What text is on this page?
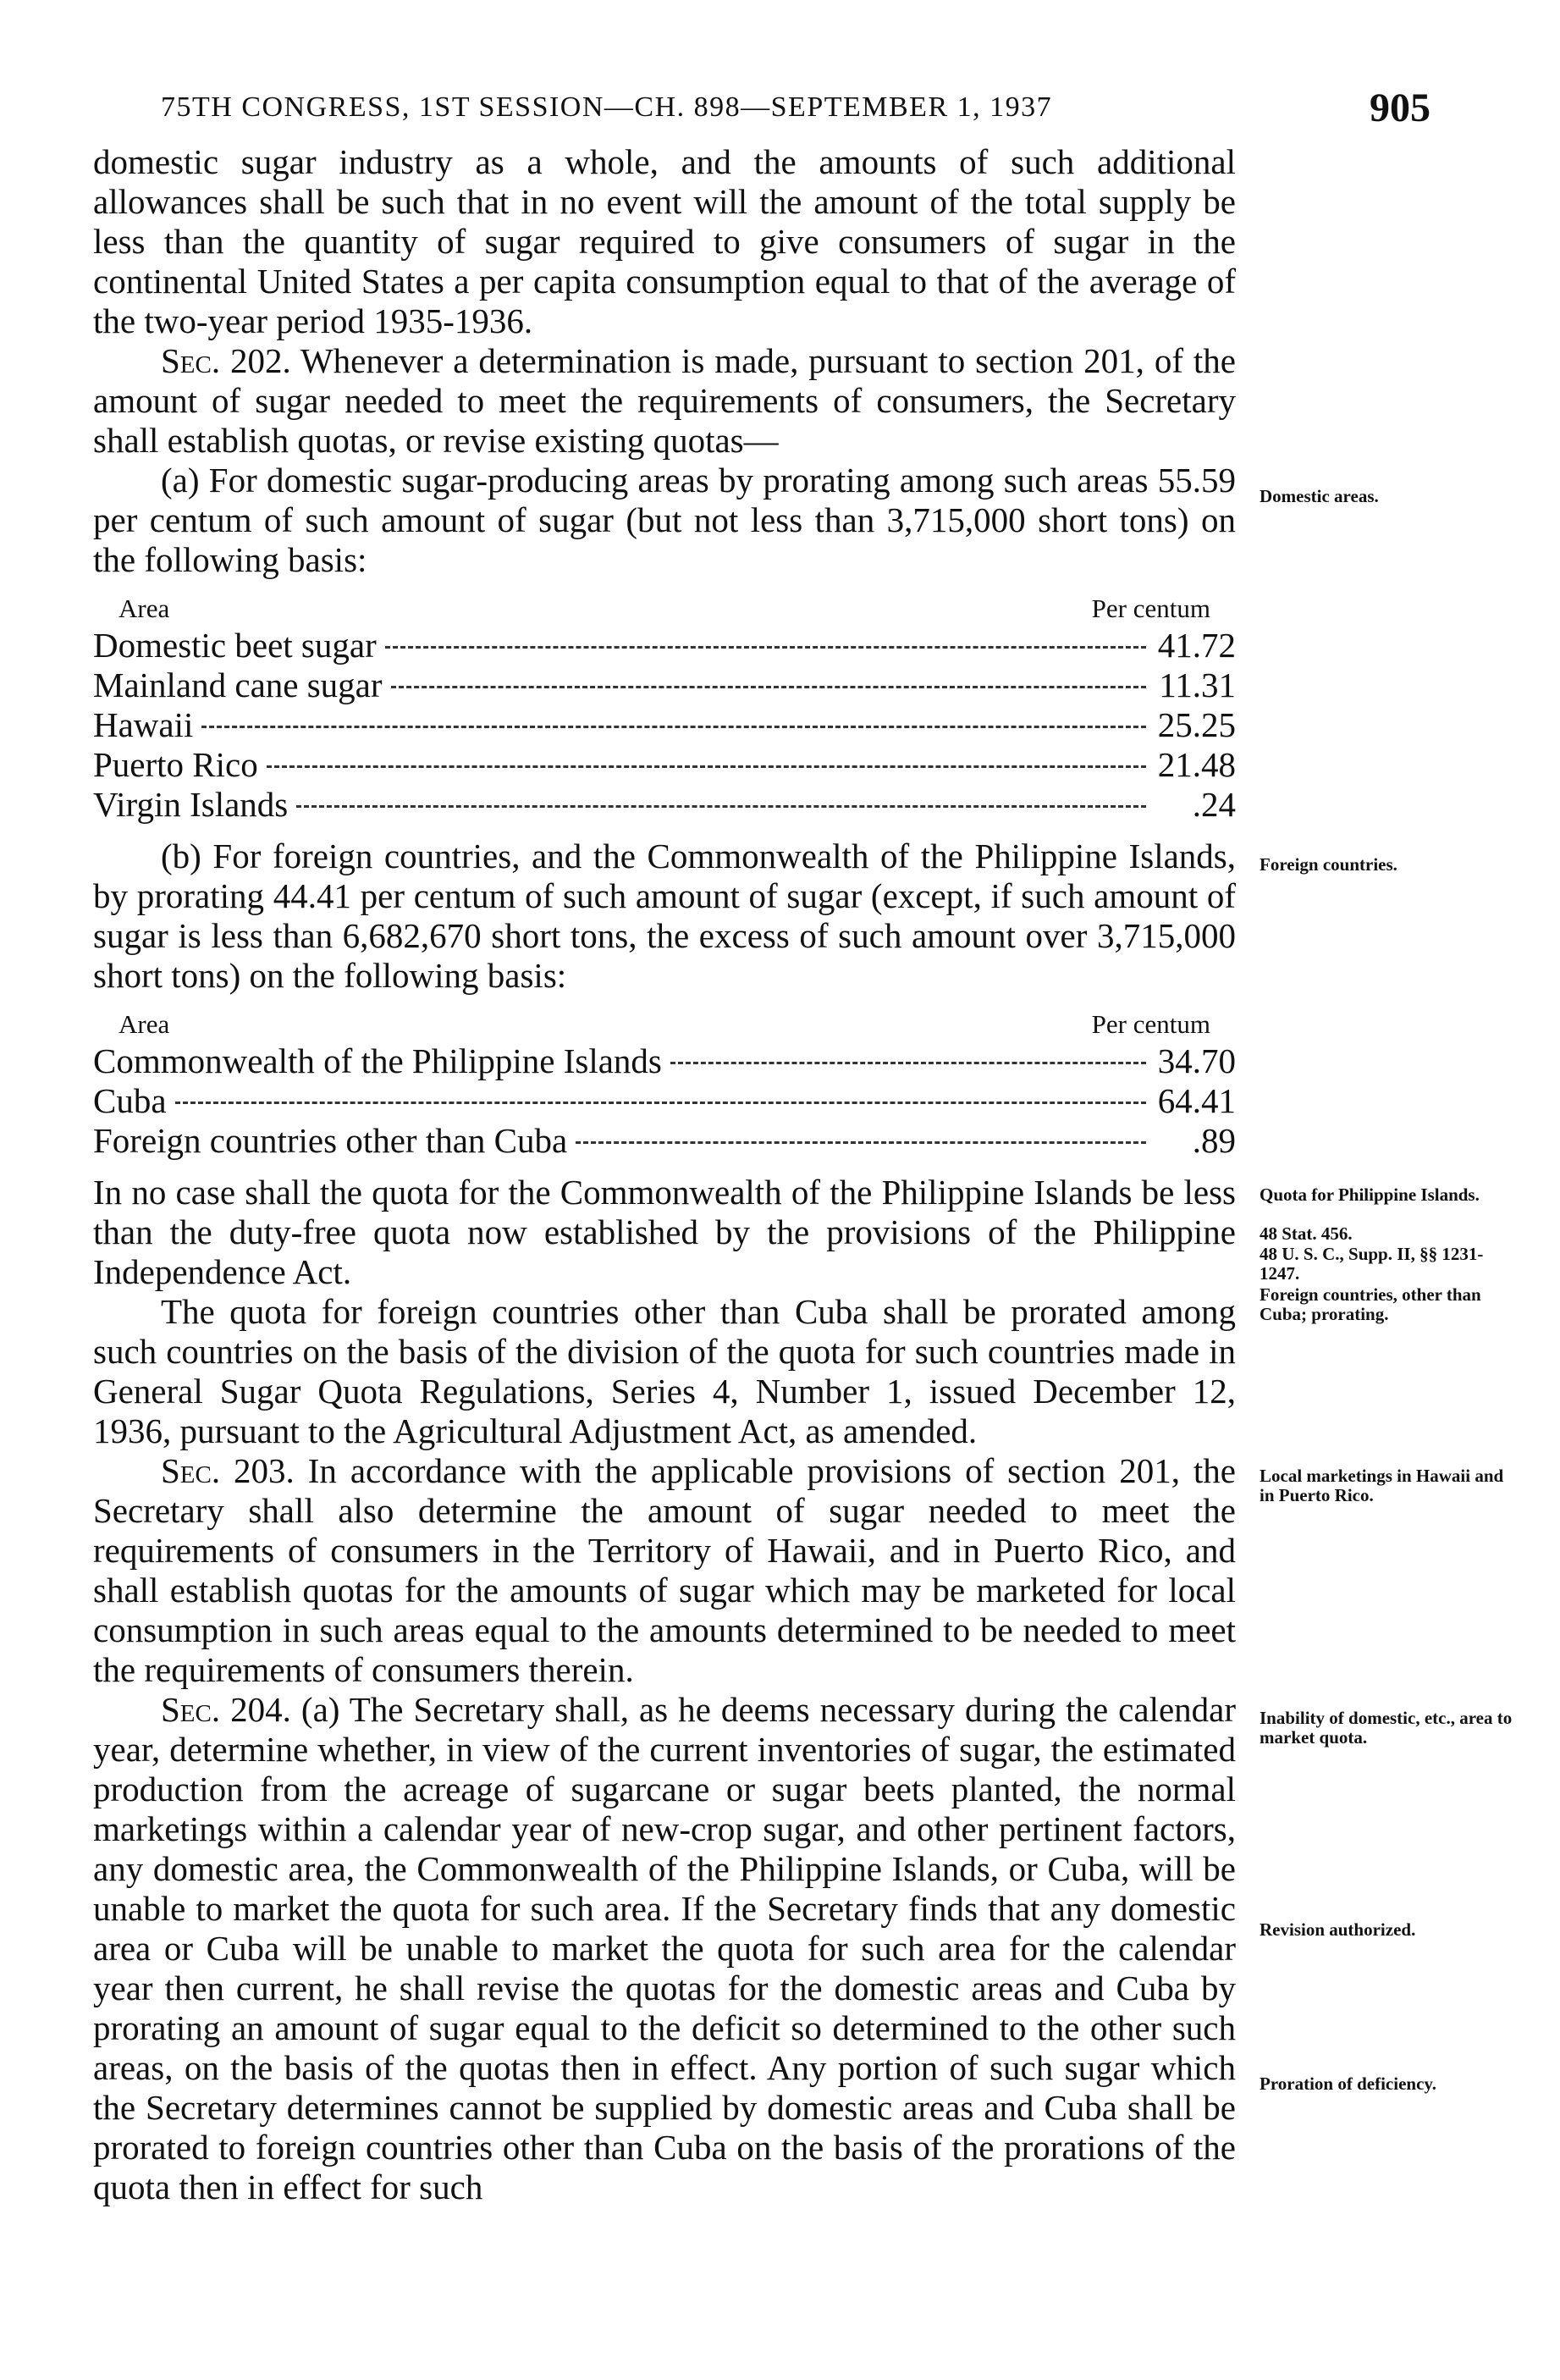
75TH CONGRESS, 1ST SESSION—CH. 898—SEPTEMBER 1, 1937	905

domestic sugar industry as a whole, and the amounts of such additional allowances shall be such that in no event will the amount of the total supply be less than the quantity of sugar required to give consumers of sugar in the continental United States a per capita consumption equal to that of the average of the two-year period 1935-1936.

Sec. 202. Whenever a determination is made, pursuant to section 201, of the amount of sugar needed to meet the requirements of consumers, the Secretary shall establish quotas, or revise existing quotas—

(a) For domestic sugar-producing areas by prorating among such areas 55.59 per centum of such amount of sugar (but not less than 3,715,000 short tons) on the following basis:

Area	Per centum
Domestic beet sugar	41.72
Mainland cane sugar	11.31
Hawaii	25.25
Puerto Rico	21.48
Virgin Islands	.24

(b) For foreign countries, and the Commonwealth of the Philippine Islands, by prorating 44.41 per centum of such amount of sugar (except, if such amount of sugar is less than 6,682,670 short tons, the excess of such amount over 3,715,000 short tons) on the following basis:

Area	Per centum
Commonwealth of the Philippine Islands	34.70
Cuba	64.41
Foreign countries other than Cuba	.89

In no case shall the quota for the Commonwealth of the Philippine Islands be less than the duty-free quota now established by the provisions of the Philippine Independence Act.

The quota for foreign countries other than Cuba shall be prorated among such countries on the basis of the division of the quota for such countries made in General Sugar Quota Regulations, Series 4, Number 1, issued December 12, 1936, pursuant to the Agricultural Adjustment Act, as amended.

Sec. 203. In accordance with the applicable provisions of section 201, the Secretary shall also determine the amount of sugar needed to meet the requirements of consumers in the Territory of Hawaii, and in Puerto Rico, and shall establish quotas for the amounts of sugar which may be marketed for local consumption in such areas equal to the amounts determined to be needed to meet the requirements of consumers therein.

Sec. 204. (a) The Secretary shall, as he deems necessary during the calendar year, determine whether, in view of the current inventories of sugar, the estimated production from the acreage of sugarcane or sugar beets planted, the normal marketings within a calendar year of new-crop sugar, and other pertinent factors, any domestic area, the Commonwealth of the Philippine Islands, or Cuba, will be unable to market the quota for such area. If the Secretary finds that any domestic area or Cuba will be unable to market the quota for such area for the calendar year then current, he shall revise the quotas for the domestic areas and Cuba by prorating an amount of sugar equal to the deficit so determined to the other such areas, on the basis of the quotas then in effect. Any portion of such sugar which the Secretary determines cannot be supplied by domestic areas and Cuba shall be prorated to foreign countries other than Cuba on the basis of the prorations of the quota then in effect for such

Domestic areas.
Foreign countries.
Quota for Philippine Islands.
48 Stat. 456.
48 U. S. C., Supp. II, §§ 1231-1247.
Foreign countries, other than Cuba; prorating.
Local marketings in Hawaii and in Puerto Rico.
Inability of domestic, etc., area to market quota.
Revision authorized.
Proration of deficiency.
